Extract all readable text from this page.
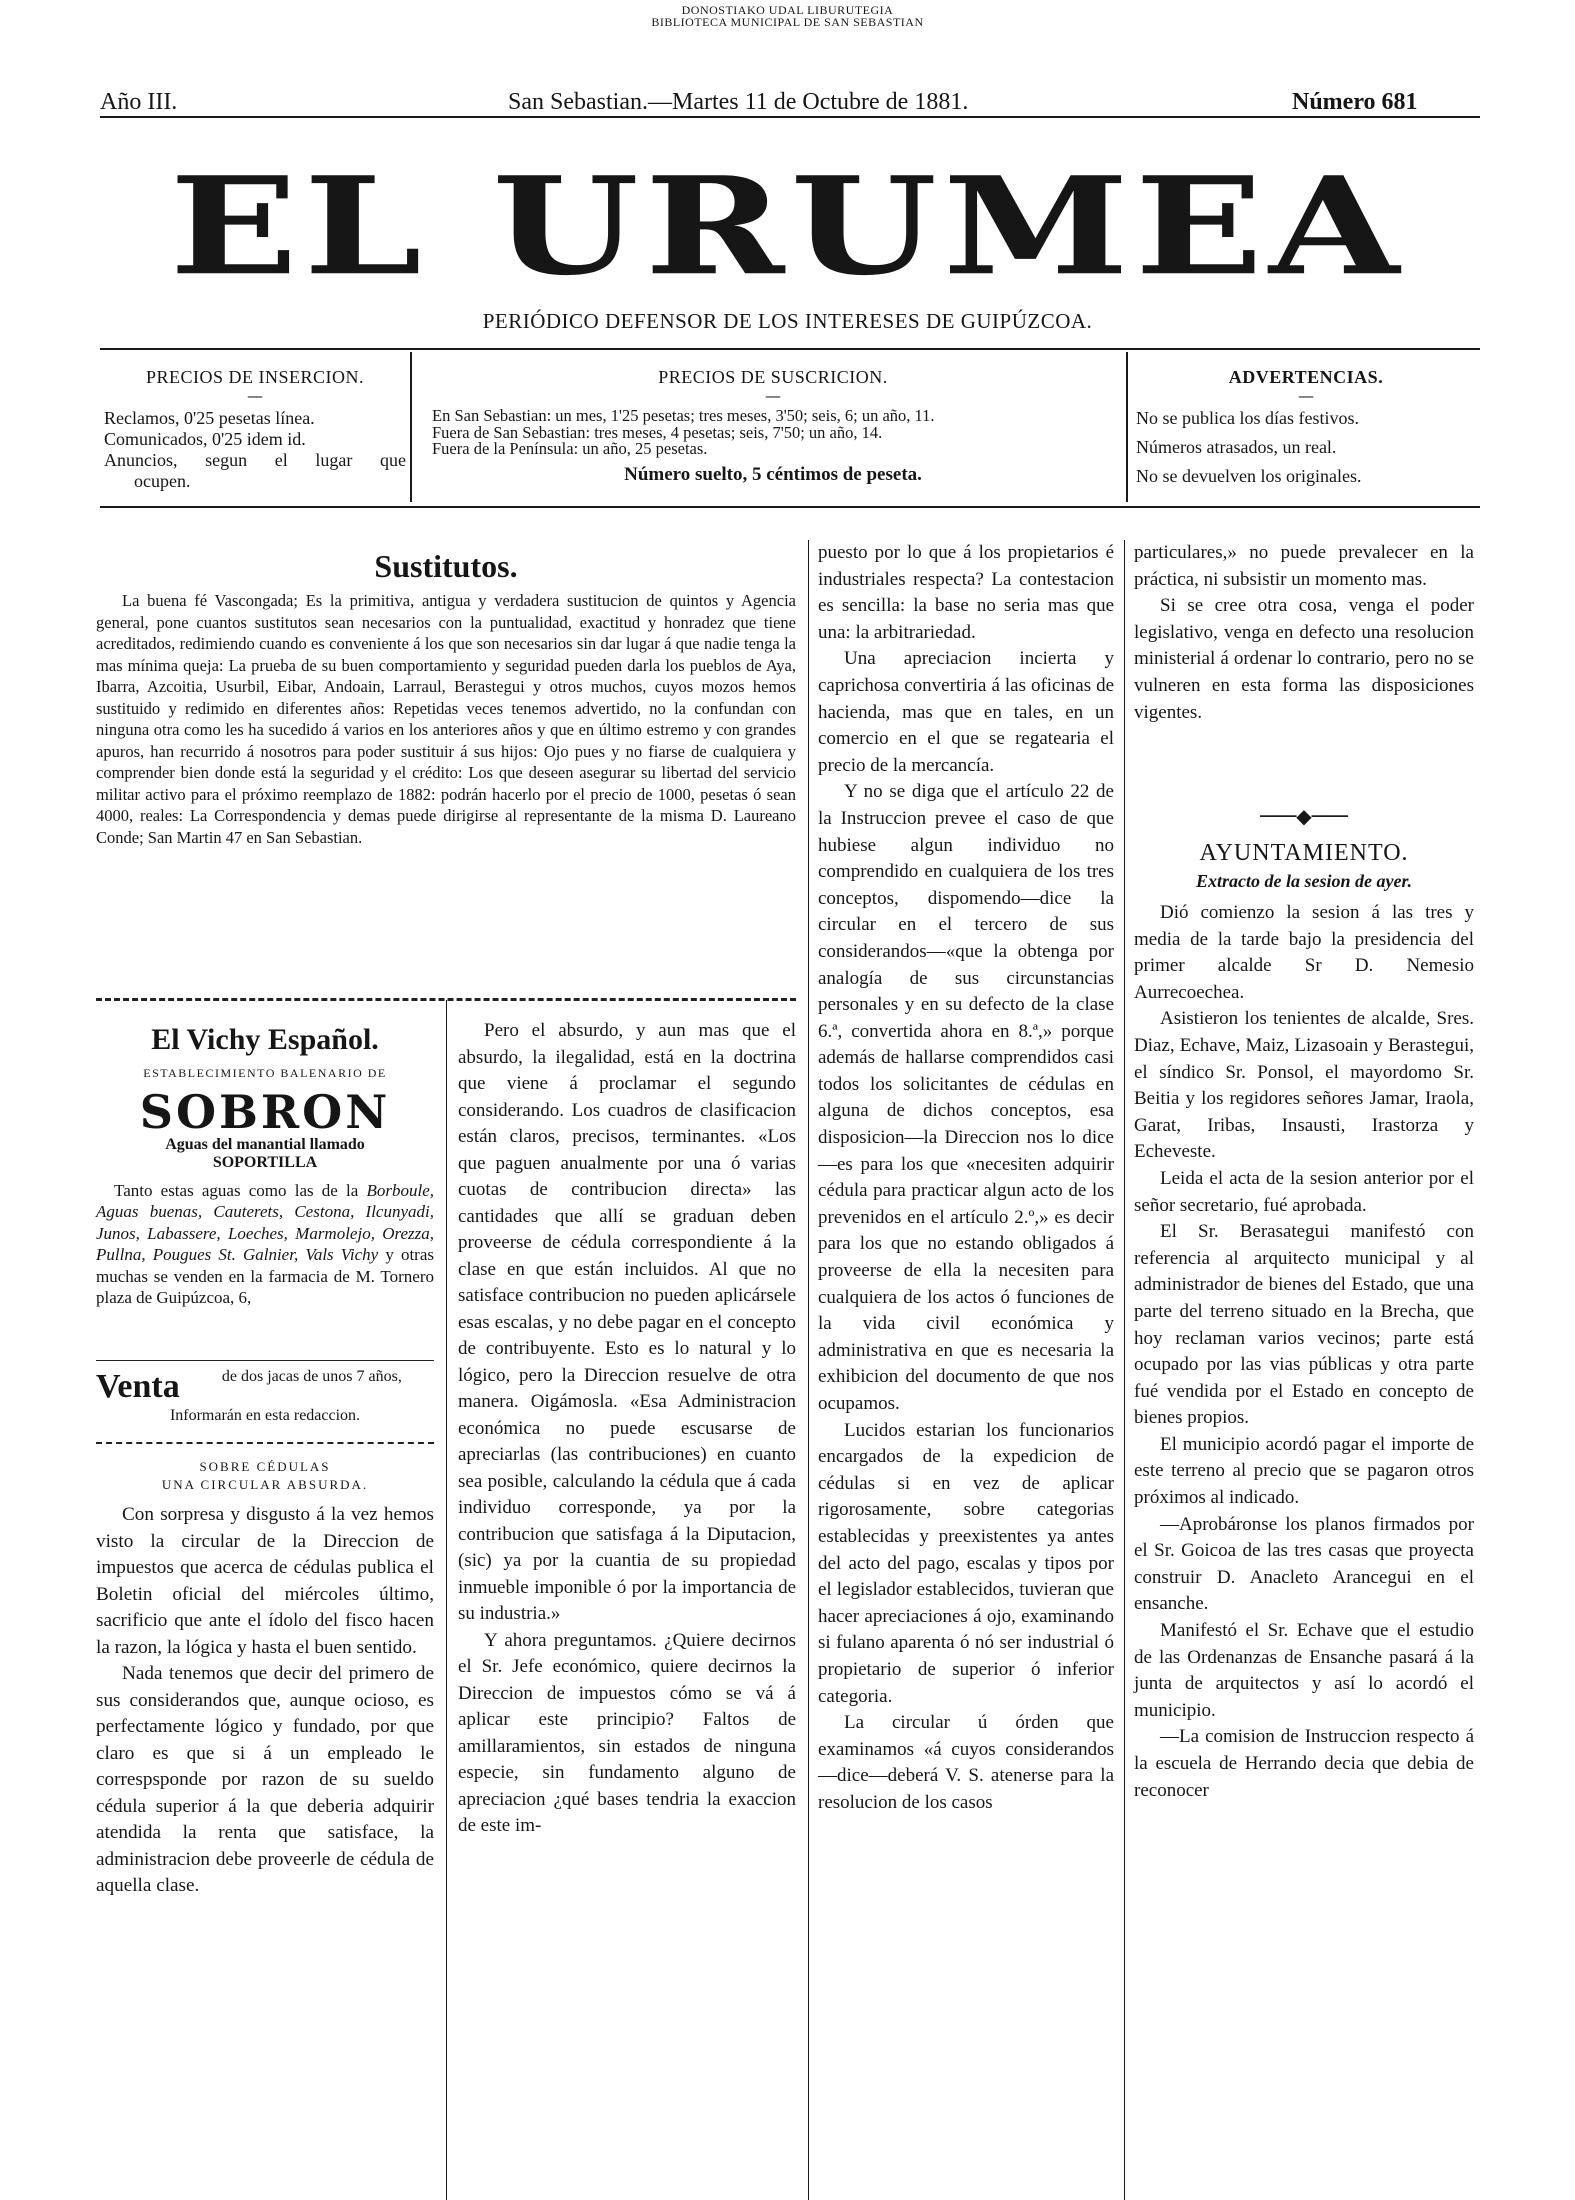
DONOSTIAKO UDAL LIBURUTEGIA
BIBLIOTECA MUNICIPAL DE SAN SEBASTIAN
Año III.	San Sebastian.—Martes 11 de Octubre de 1881.	Número 681
EL URUMEA
PERIÓDICO DEFENSOR DE LOS INTERESES DE GUIPÚZCOA.
PRECIOS DE INSERCION.
—
Reclamos, 0'25 pesetas línea.
Comunicados, 0'25 idem id.
Anuncios, segun el lugar que
ocupen.
PRECIOS DE SUSCRICION.
—
En San Sebastian: un mes, 1'25 pesetas; tres meses, 3'50; seis, 6; un año, 11.
Fuera de San Sebastian: tres meses, 4 pesetas; seis, 7'50; un año, 14.
Fuera de la Península: un año, 25 pesetas.
Número suelto, 5 céntimos de peseta.
ADVERTENCIAS.
—
No se publica los días festivos.
Números atrasados, un real.
No se devuelven los originales.
Sustitutos.

La buena fé Vascongada; Es la primitiva, antigua y verdadera sustitucion de quintos y Agencia general, pone cuantos sustitutos sean necesarios con la puntualidad, exactitud y honradez que tiene acreditados, redimiendo cuando es conveniente á los que son necesarios sin dar lugar á que nadie tenga la mas mínima queja: La prueba de su buen comportamiento y seguridad pueden darla los pueblos de Aya, Ibarra, Azcoitia, Usurbil, Eibar, Andoain, Larraul, Berastegui y otros muchos, cuyos mozos hemos sustituido y redimido en diferentes años: Repetidas veces tenemos advertido, no la confundan con ninguna otra como les ha sucedido á varios en los anteriores años y que en último estremo y con grandes apuros, han recurrido á nosotros para poder sustituir á sus hijos: Ojo pues y no fiarse de cualquiera y comprender bien donde está la seguridad y el crédito: Los que deseen asegurar su libertad del servicio militar activo para el próximo reemplazo de 1882: podrán hacerlo por el precio de 1000, pesetas ó sean 4000, reales: La Correspondencia y demas puede dirigirse al representante de la misma D. Laureano Conde; San Martin 47 en San Sebastian.

El Vichy Español.
ESTABLECIMIENTO BALENARIO DE
SOBRON
Aguas del manantial llamado SOPORTILLA

Tanto estas aguas como las de la Borboule, Aguas buenas, Cauterets, Cestona, Ilcunyadi, Junos, Labassere, Loeches, Marmolejo, Orezza, Pullna, Pougues St. Galnier, Vals Vichy y otras muchas se venden en la farmacia de M. Tornero plaza de Guipúzcoa, 6,

Venta	de dos jacas de unos 7 años,
Informarán en esta redaccion.
SOBRE CÉDULAS
UNA CIRCULAR ABSURDA.

Con sorpresa y disgusto á la vez hemos visto la circular de la Direccion de impuestos que acerca de cédulas publica el Boletin oficial del miércoles último, sacrificio que ante el ídolo del fisco hacen la razon, la lógica y hasta el buen sentido.

Nada tenemos que decir del primero de sus considerandos que, aunque ocioso, es perfectamente lógico y fundado, por que claro es que si á un empleado le correspsponde por razon de su sueldo cédula superior á la que deberia adquirir atendida la renta que satisface, la administracion debe proveerle de cédula de aquella clase.

Pero el absurdo, y aun mas que el absurdo, la ilegalidad, está en la doctrina que viene á proclamar el segundo considerando. Los cuadros de clasificacion están claros, precisos, terminantes. «Los que paguen anualmente por una ó varias cuotas de contribucion directa» las cantidades que allí se graduan deben proveerse de cédula correspondiente á la clase en que están incluidos. Al que no satisface contribucion no pueden aplicársele esas escalas, y no debe pagar en el concepto de contribuyente. Esto es lo natural y lo lógico, pero la Direccion resuelve de otra manera. Oigámosla. «Esa Administracion económica no puede escusarse de apreciarlas (las contribuciones) en cuanto sea posible, calculando la cédula que á cada individuo corresponde, ya por la contribucion que satisfaga á la Diputacion, (sic) ya por la cuantia de su propiedad inmueble imponible ó por la importancia de su industria.»

Y ahora preguntamos. ¿Quiere decirnos el Sr. Jefe económico, quiere decirnos la Direccion de impuestos cómo se vá á aplicar este principio? Faltos de amillaramientos, sin estados de ninguna especie, sin fundamento alguno de apreciacion ¿qué bases tendria la exaccion de este im-

puesto por lo que á los propietarios é industriales respecta? La contestacion es sencilla: la base no seria mas que una: la arbitrariedad.

Una apreciacion incierta y caprichosa convertiria á las oficinas de hacienda, mas que en tales, en un comercio en el que se regatearia el precio de la mercancía.

Y no se diga que el artículo 22 de la Instruccion prevee el caso de que hubiese algun individuo no comprendido en cualquiera de los tres conceptos, dispomendo—dice la circular en el tercero de sus considerandos—«que la obtenga por analogía de sus circunstancias personales y en su defecto de la clase 6.ª, convertida ahora en 8.ª,» porque además de hallarse comprendidos casi todos los solicitantes de cédulas en alguna de dichos conceptos, esa disposicion—la Direccion nos lo dice—es para los que «necesiten adquirir cédula para practicar algun acto de los prevenidos en el artículo 2.º,» es decir para los que no estando obligados á proveerse de ella la necesiten para cualquiera de los actos ó funciones de la vida civil económica y administrativa en que es necesaria la exhibicion del documento de que nos ocupamos.

Lucidos estarian los funcionarios encargados de la expedicion de cédulas si en vez de aplicar rigorosamente, sobre categorias establecidas y preexistentes ya antes del acto del pago, escalas y tipos por el legislador establecidos, tuvieran que hacer apreciaciones á ojo, examinando si fulano aparenta ó nó ser industrial ó propietario de superior ó inferior categoria.

La circular ú órden que examinamos «á cuyos considerandos—dice—deberá V. S. atenerse para la resolucion de los casos

particulares,» no puede prevalecer en la práctica, ni subsistir un momento mas.

Si se cree otra cosa, venga el poder legislativo, venga en defecto una resolucion ministerial á ordenar lo contrario, pero no se vulneren en esta forma las disposiciones vigentes.

───◆───
AYUNTAMIENTO.
Extracto de la sesion de ayer.

Dió comienzo la sesion á las tres y media de la tarde bajo la presidencia del primer alcalde Sr D. Nemesio Aurrecoechea.

Asistieron los tenientes de alcalde, Sres. Diaz, Echave, Maiz, Lizasoain y Berastegui, el síndico Sr. Ponsol, el mayordomo Sr. Beitia y los regidores señores Jamar, Iraola, Garat, Iribas, Insausti, Irastorza y Echeveste.

Leida el acta de la sesion anterior por el señor secretario, fué aprobada.

El Sr. Berasategui manifestó con referencia al arquitecto municipal y al administrador de bienes del Estado, que una parte del terreno situado en la Brecha, que hoy reclaman varios vecinos; parte está ocupado por las vias públicas y otra parte fué vendida por el Estado en concepto de bienes propios.

El municipio acordó pagar el importe de este terreno al precio que se pagaron otros próximos al indicado.

—Aprobáronse los planos firmados por el Sr. Goicoa de las tres casas que proyecta construir D. Anacleto Arancegui en el ensanche.

Manifestó el Sr. Echave que el estudio de las Ordenanzas de Ensanche pasará á la junta de arquitectos y así lo acordó el municipio.

—La comision de Instruccion respecto á la escuela de Herrando decia que debia de reconocer
